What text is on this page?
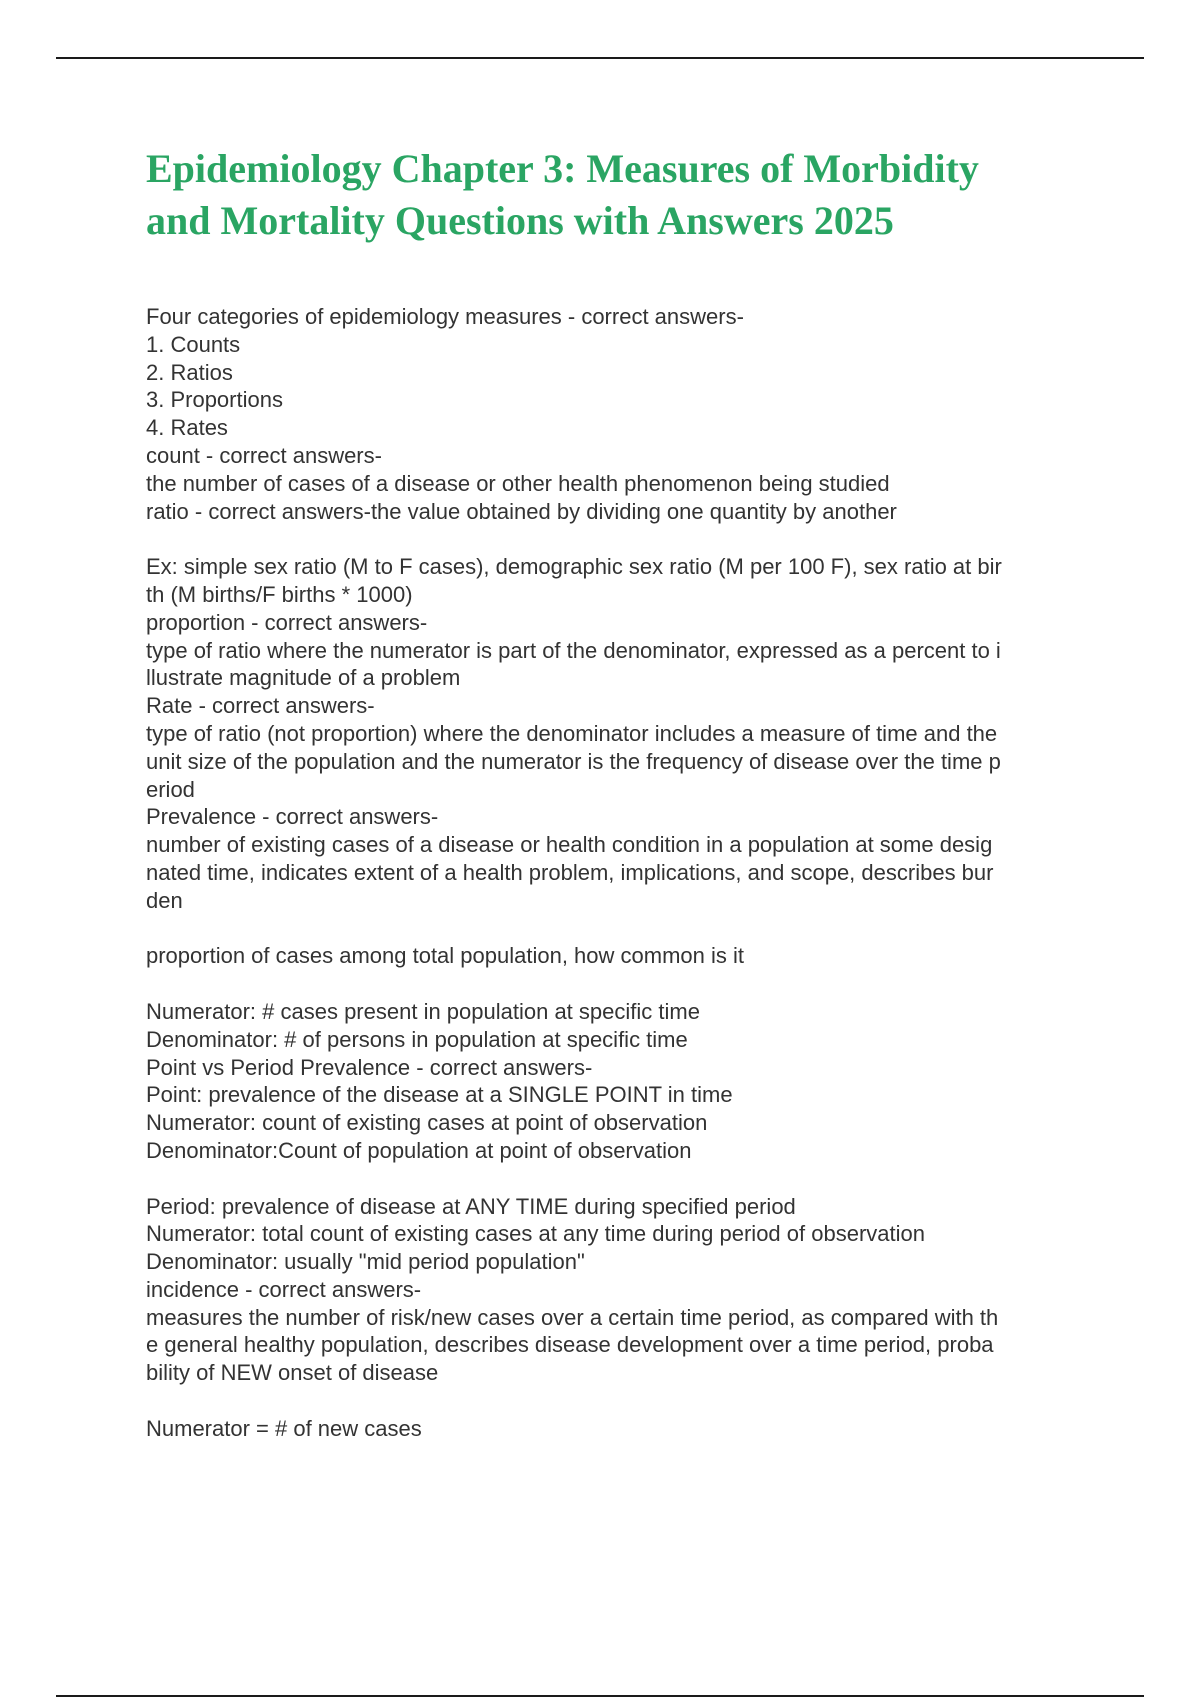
Epidemiology Chapter 3: Measures of Morbidity
and Mortality Questions with Answers 2025
Four categories of epidemiology measures - correct answers-
1. Counts
2. Ratios
3. Proportions
4. Rates
count - correct answers-
the number of cases of a disease or other health phenomenon being studied
ratio - correct answers-the value obtained by dividing one quantity by another
Ex: simple sex ratio (M to F cases), demographic sex ratio (M per 100 F), sex ratio at bir
th (M births/F births * 1000)
proportion - correct answers-
type of ratio where the numerator is part of the denominator, expressed as a percent to i
llustrate magnitude of a problem
Rate - correct answers-
type of ratio (not proportion) where the denominator includes a measure of time and the
unit size of the population and the numerator is the frequency of disease over the time p
eriod
Prevalence - correct answers-
number of existing cases of a disease or health condition in a population at some desig
nated time, indicates extent of a health problem, implications, and scope, describes bur
den
proportion of cases among total population, how common is it
Numerator: # cases present in population at specific time
Denominator: # of persons in population at specific time
Point vs Period Prevalence - correct answers-
Point: prevalence of the disease at a SINGLE POINT in time
Numerator: count of existing cases at point of observation
Denominator:Count of population at point of observation
Period: prevalence of disease at ANY TIME during specified period
Numerator: total count of existing cases at any time during period of observation
Denominator: usually "mid period population"
incidence - correct answers-
measures the number of risk/new cases over a certain time period, as compared with th
e general healthy population, describes disease development over a time period, proba
bility of NEW onset of disease
Numerator = # of new cases
